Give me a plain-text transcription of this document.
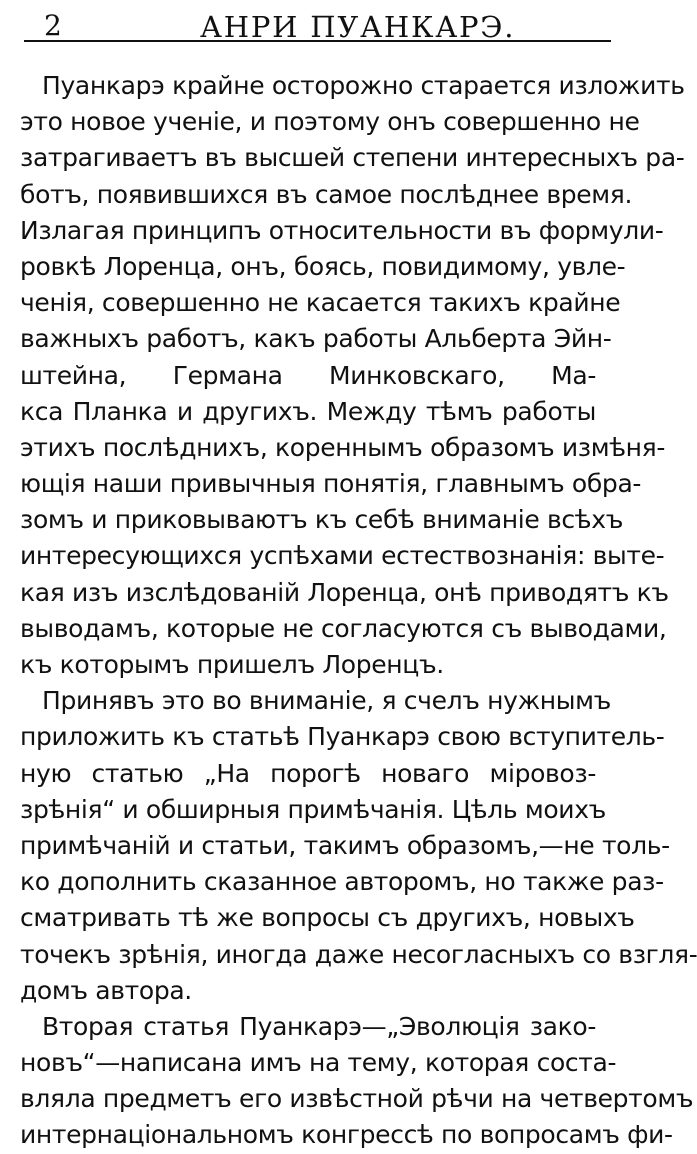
2	АНРИ ПУАНКАРЭ.
Пуанкарэ крайне осторожно старается изложить
это новое ученіе, и поэтому онъ совершенно не
затрагиваетъ въ высшей степени интересныхъ ра-
ботъ, появившихся въ самое послѣднее время.
Излагая принципъ относительности въ формули-
ровкѣ Лоренца, онъ, боясь, повидимому, увле-
ченія, совершенно не касается такихъ крайне
важныхъ работъ, какъ работы Альберта Эйн-
штейна, Германа Минковскаго, Ма-
кса Планка и другихъ. Между тѣмъ работы
этихъ послѣднихъ, кореннымъ образомъ измѣня-
ющія наши привычныя понятія, главнымъ обра-
зомъ и приковываютъ къ себѣ вниманіе всѣхъ
интересующихся успѣхами естествознанія: выте-
кая изъ изслѣдованій Лоренца, онѣ приводятъ къ
выводамъ, которые не согласуются съ выводами,
къ которымъ пришелъ Лоренцъ.
Принявъ это во вниманіе, я счелъ нужнымъ
приложить къ статьѣ Пуанкарэ свою вступитель-
ную статью „На порогѣ новаго міровоз-
зрѣнія“ и обширныя примѣчанія. Цѣль моихъ
примѣчаній и статьи, такимъ образомъ,—не толь-
ко дополнить сказанное авторомъ, но также раз-
сматривать тѣ же вопросы съ другихъ, новыхъ
точекъ зрѣнія, иногда даже несогласныхъ со взгля-
домъ автора.
Вторая статья Пуанкарэ—„Эволюція зако-
новъ“—написана имъ на тему, которая соста-
вляла предметъ его извѣстной рѣчи на четвертомъ
интернаціональномъ конгрессѣ по вопросамъ фи-
